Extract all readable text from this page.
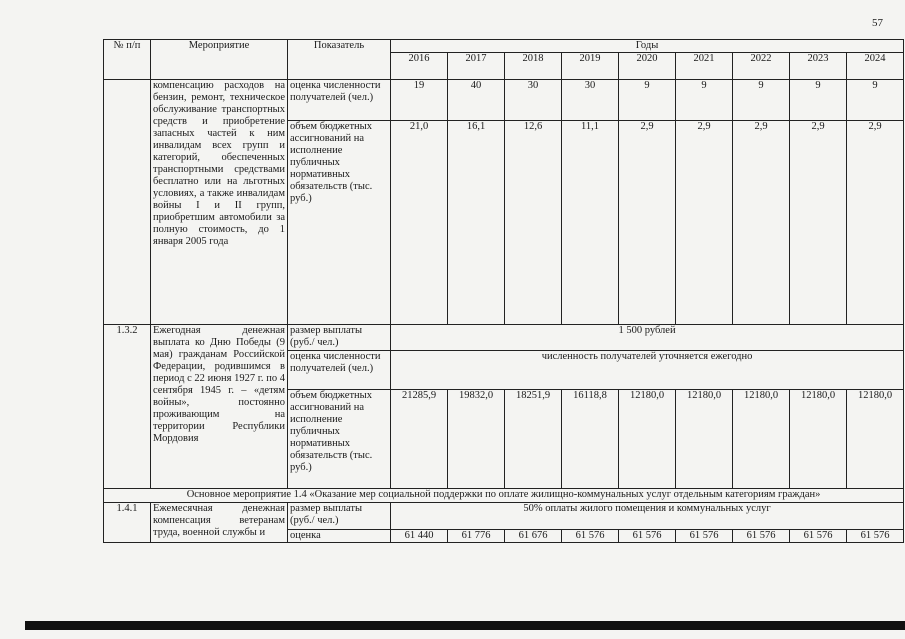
57
№ п/п	Мероприятие	Показатель	Годы								
			2016	2017	2018	2019	2020	2021	2022	2023	2024
	компенсацию расходов на бензин, ремонт, техническое обслуживание транспортных средств и приобретение запасных частей к ним инвалидам всех групп и категорий, обеспеченных транспортными средствами бесплатно или на льготных условиях, а также инвалидам войны I и II групп, приобретшим автомобили за полную стоимость, до 1 января 2005 года	оценка численности получателей (чел.)	19	40	30	30	9	9	9	9	9
		объем бюджетных ассигнований на исполнение публичных нормативных обязательств (тыс. руб.)	21,0	16,1	12,6	11,1	2,9	2,9	2,9	2,9	2,9
1.3.2	Ежегодная денежная выплата ко Дню Победы (9 мая) гражданам Российской Федерации, родившимся в период с 22 июня 1927 г. по 4 сентября 1945 г. – «детям войны», постоянно проживающим на территории Республики Мордовия	размер выплаты (руб./ чел.)	1 500 рублей								
		оценка численности получателей (чел.)	численность получателей уточняется ежегодно								
		объем бюджетных ассигнований на исполнение публичных нормативных обязательств (тыс. руб.)	21285,9	19832,0	18251,9	16118,8	12180,0	12180,0	12180,0	12180,0	12180,0
Основное мероприятие 1.4 «Оказание мер социальной поддержки по оплате жилищно-коммунальных услуг отдельным категориям граждан»											
1.4.1	Ежемесячная денежная компенсация ветеранам труда, военной службы и	размер выплаты (руб./ чел.)	50% оплаты жилого помещения и коммунальных услуг								
		оценка	61 440	61 776	61 676	61 576	61 576	61 576	61 576	61 576	61 576
